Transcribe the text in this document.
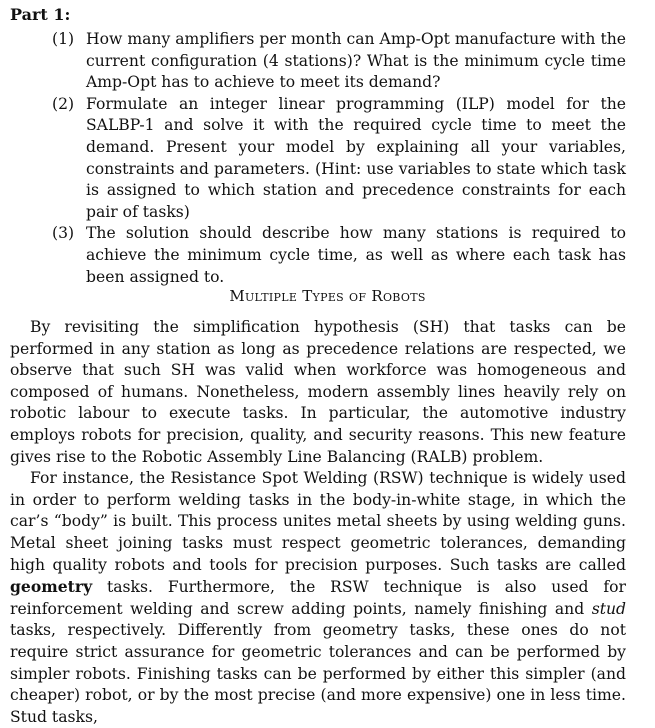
Part 1:
(1) How many amplifiers per month can Amp-Opt manufacture with the current configuration (4 stations)? What is the minimum cycle time Amp-Opt has to achieve to meet its demand?
(2) Formulate an integer linear programming (ILP) model for the SALBP-1 and solve it with the required cycle time to meet the demand. Present your model by explaining all your variables, constraints and parameters. (Hint: use variables to state which task is assigned to which station and precedence constraints for each pair of tasks)
(3) The solution should describe how many stations is required to achieve the minimum cycle time, as well as where each task has been assigned to.
Multiple Types of Robots

By revisiting the simplification hypothesis (SH) that tasks can be performed in any station as long as precedence relations are respected, we observe that such SH was valid when workforce was homogeneous and composed of humans. Nonetheless, modern assembly lines heavily rely on robotic labour to execute tasks. In particular, the automotive industry employs robots for precision, quality, and security reasons. This new feature gives rise to the Robotic Assembly Line Balancing (RALB) problem.

For instance, the Resistance Spot Welding (RSW) technique is widely used in order to perform welding tasks in the body-in-white stage, in which the car’s “body” is built. This process unites metal sheets by using welding guns. Metal sheet joining tasks must respect geometric tolerances, demanding high quality robots and tools for precision purposes. Such tasks are called geometry tasks. Furthermore, the RSW technique is also used for reinforcement welding and screw adding points, namely finishing and stud tasks, respectively. Differently from geometry tasks, these ones do not require strict assurance for geometric tolerances and can be performed by simpler robots. Finishing tasks can be performed by either this simpler (and cheaper) robot, or by the most precise (and more expensive) one in less time. Stud tasks,
